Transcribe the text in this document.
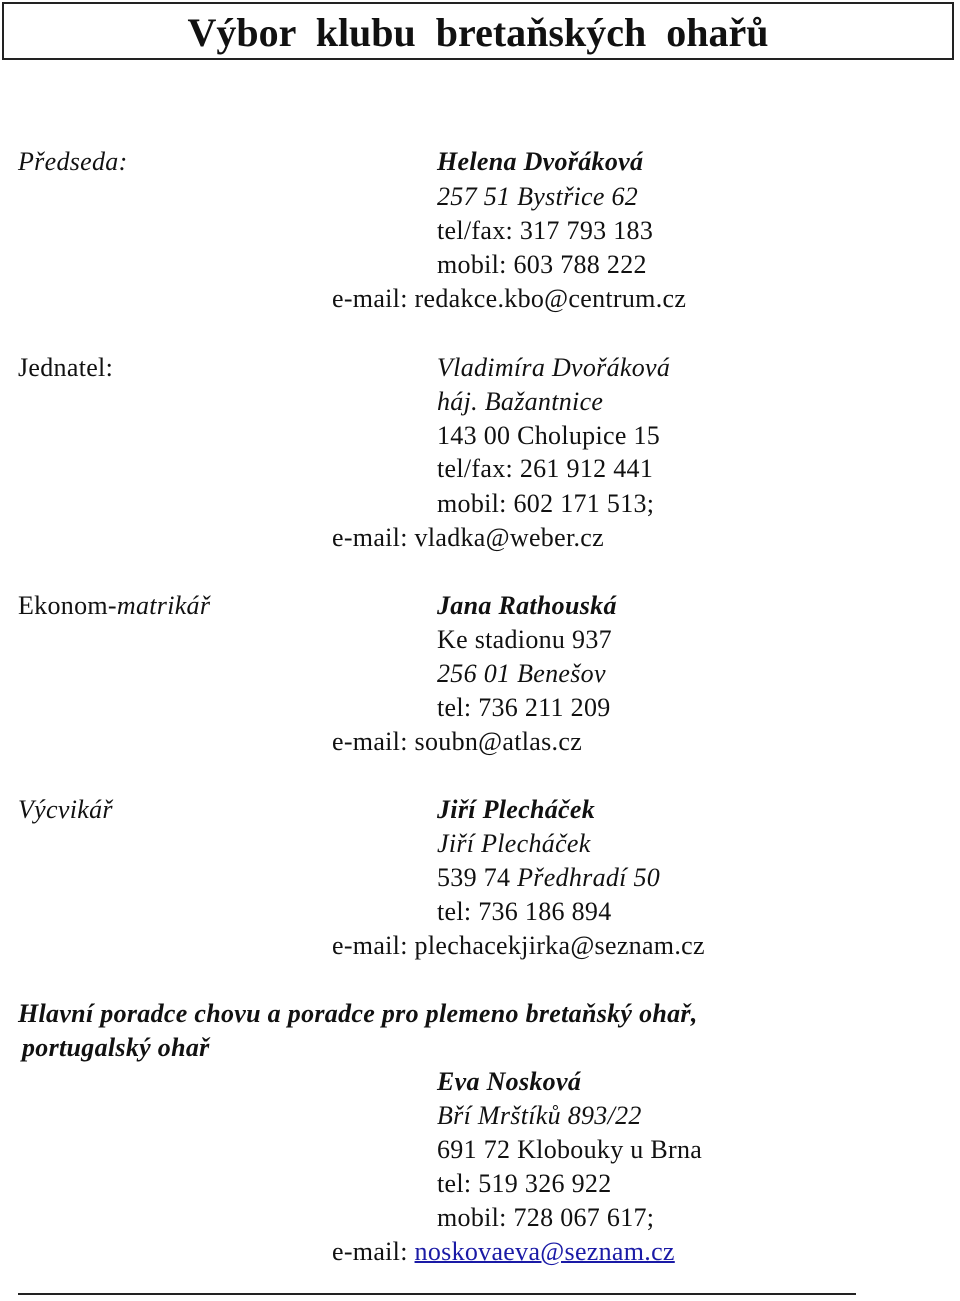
Výbor klubu bretaňských ohařů
Předseda:	Helena Dvořáková
257 51 Bystřice 62
tel/fax: 317 793 183
mobil: 603 788 222
e-mail: redakce.kbo@centrum.cz
Jednatel:	Vladimíra Dvořáková
háj. Bažantnice
143 00 Cholupice 15
tel/fax: 261 912 441
mobil: 602 171 513;
e-mail: vladka@weber.cz
Ekonom-matrikář	Jana Rathouská
Ke stadionu 937
256 01 Benešov
tel: 736 211 209
e-mail: soubn@atlas.cz
Výcvikář	Jiří Plecháček
Jiří Plecháček
539 74 Předhradí 50
tel: 736 186 894
e-mail: plechacekjirka@seznam.cz
Hlavní poradce chovu a poradce pro plemeno bretaňský ohař,
portugalský ohař
Eva Nosková
Bří Mrštíků 893/22
691 72 Klobouky u Brna
tel: 519 326 922
mobil: 728 067 617;
e-mail: noskovaeva@seznam.cz
